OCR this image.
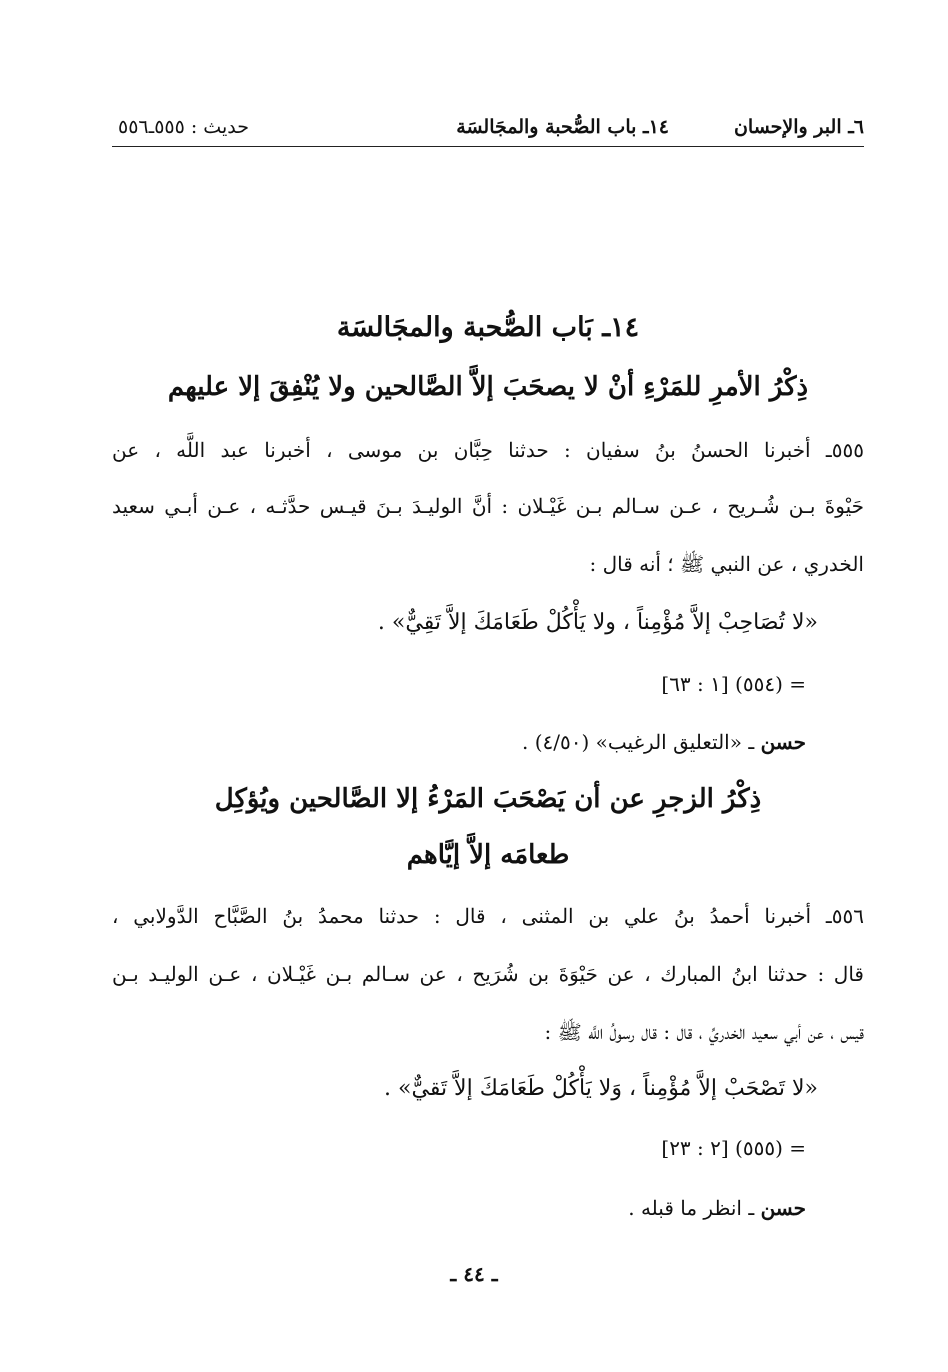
٦ـ البر والإحسان
١٤ـ باب الصُّحبة والمجَالسَة
حديث : ٥٥٥ـ٥٥٦
١٤ـ بَاب الصُّحبة والمجَالسَة
ذِكْرُ الأمرِ للمَرْءِ أنْ لا يصحَبَ إلاَّ الصَّالحين ولا يُنْفِقَ إلا عليهم
٥٥٥ـ أخبرنا الحسنُ بنُ سفيان : حدثنا حِبَّان بن موسى ، أخبرنا عبد اللَّه ، عن
حَيْوةَ بـن شُـريح ، عـن سـالم بـن غَيْـلان : أنَّ الوليـدَ بـنَ قيـس حدَّثـه ، عـن أبـي سعيد
الخدري ، عن النبي ﷺ ؛ أنه قال :
«لا تُصَاحِبْ إلاَّ مُؤْمِناً ، ولا يَأْكُلْ طَعَامَكَ إلاَّ تَقِيٌّ» .
= (٥٥٤) [١ : ٦٣]
حسن ـ «التعليق الرغيب» (٤/٥٠) .
ذِكْرُ الزجرِ عن أن يَصْحَبَ المَرْءُ إلا الصَّالحين ويُؤكِل
طعامَه إلاَّ إيَّاهم
٥٥٦ـ أخبرنا أحمدُ بنُ علي بن المثنى ، قال : حدثنا محمدُ بنُ الصَّبَّاح الدَّولابي ،
قال : حدثنا ابنُ المبارك ، عن حَيْوَةَ بن شُرَيح ، عن سـالم بـن غَيْـلان ، عـن الوليـد بـن
قيس ، عن أبي سعيد الخدريِّ ، قال : قال رسولُ اللَّه ﷺ :
«لا تَصْحَبْ إلاَّ مُؤْمِناً ، وَلا يَأْكُلْ طَعَامَكَ إلاَّ تَقيٌّ» .
= (٥٥٥) [٢ : ٢٣]
حسن ـ انظر ما قبله .
ـ ٤٤ ـ
